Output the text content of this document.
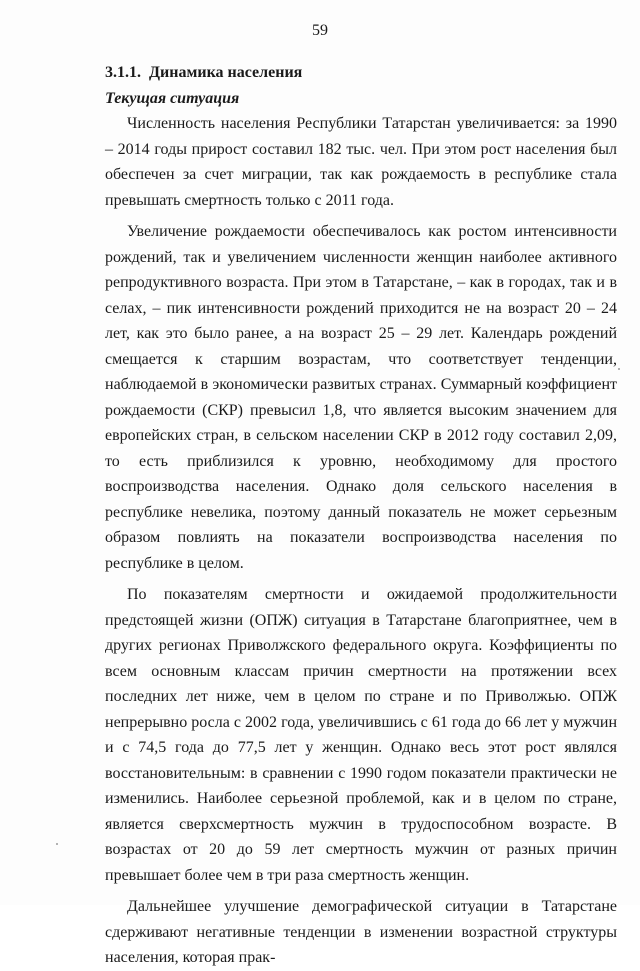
59

3.1.1. Динамика населения

Текущая ситуация

Численность населения Республики Татарстан увеличивается: за 1990 – 2014 годы прирост составил 182 тыс. чел. При этом рост населения был обеспечен за счет миграции, так как рождаемость в республике стала превышать смертность только с 2011 года.

Увеличение рождаемости обеспечивалось как ростом интенсивности рождений, так и увеличением численности женщин наиболее активного репродуктивного возраста. При этом в Татарстане, – как в городах, так и в селах, – пик интенсивности рождений приходится не на возраст 20 – 24 лет, как это было ранее, а на возраст 25 – 29 лет. Календарь рождений смещается к старшим возрастам, что соответствует тенденции, наблюдаемой в экономически развитых странах. Суммарный коэффициент рождаемости (СКР) превысил 1,8, что является высоким значением для европейских стран, в сельском населении СКР в 2012 году составил 2,09, то есть приблизился к уровню, необходимому для простого воспроизводства населения. Однако доля сельского населения в республике невелика, поэтому данный показатель не может серьезным образом повлиять на показатели воспроизводства населения по республике в целом.

По показателям смертности и ожидаемой продолжительности предстоящей жизни (ОПЖ) ситуация в Татарстане благоприятнее, чем в других регионах Приволжского федерального округа. Коэффициенты по всем основным классам причин смертности на протяжении всех последних лет ниже, чем в целом по стране и по Приволжью. ОПЖ непрерывно росла с 2002 года, увеличившись с 61 года до 66 лет у мужчин и с 74,5 года до 77,5 лет у женщин. Однако весь этот рост являлся восстановительным: в сравнении с 1990 годом показатели практически не изменились. Наиболее серьезной проблемой, как и в целом по стране, является сверхсмертность мужчин в трудоспособном возрасте. В возрастах от 20 до 59 лет смертность мужчин от разных причин превышает более чем в три раза смертность женщин.

Дальнейшее улучшение демографической ситуации в Татарстане сдерживают негативные тенденции в изменении возрастной структуры населения, которая прак-
